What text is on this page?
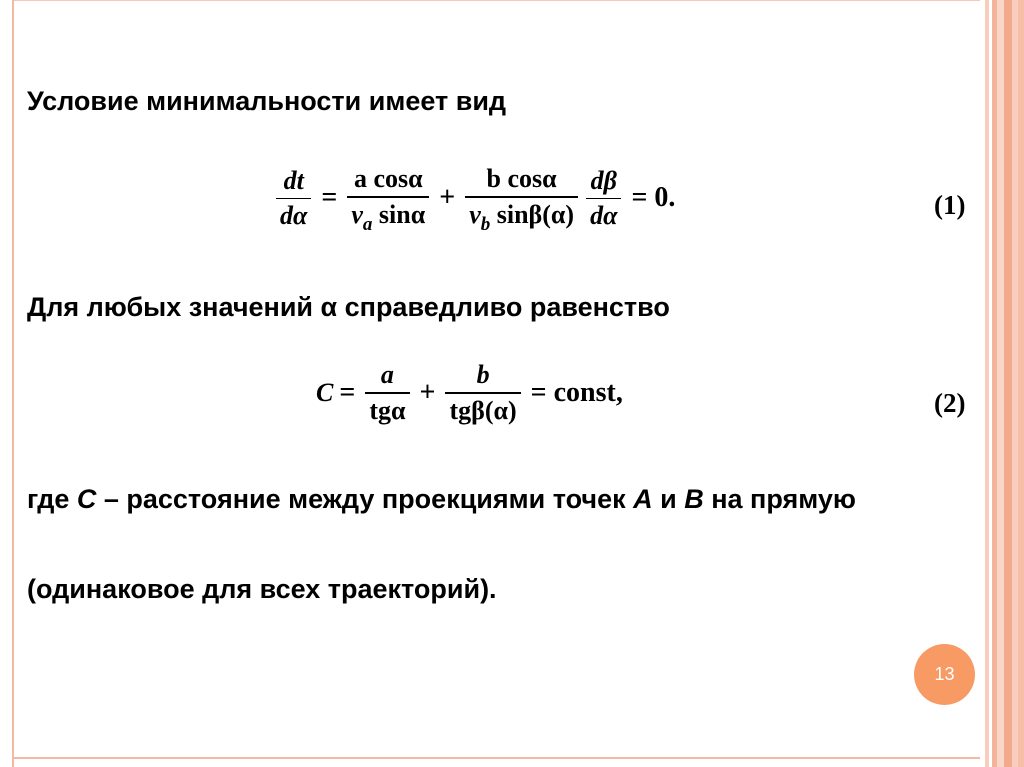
Условие минимальности имеет вид
$\frac{dt}{d\alpha} = \frac{\text{a cosα}}{v_a \sin\alpha} + \frac{\text{b cosα}}{v_b \sin\beta(\alpha)} \frac{d\beta}{d\alpha} = 0$.	(1)
Для любых значений α справедливо равенство
$C = \frac{a}{\text{tgα}} + \frac{b}{\text{tgβ(α)}}$ = const,	(2)
где C – расстояние между проекциями точек A и B на прямую
(одинаковое для всех траекторий).
13
